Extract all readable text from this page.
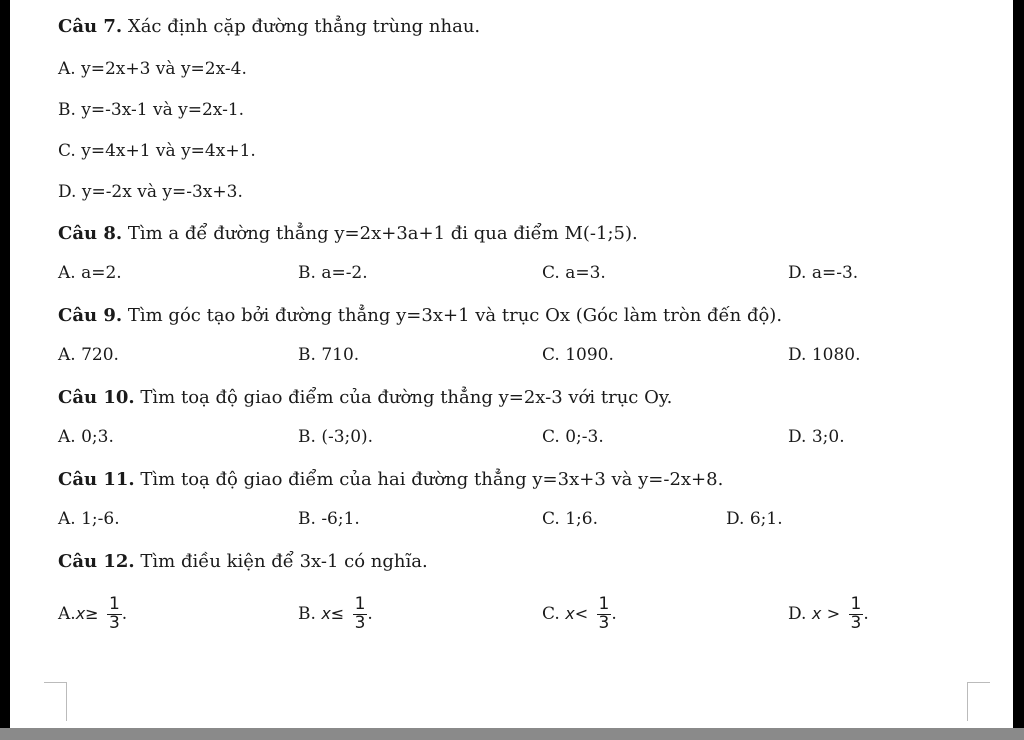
Câu 7. Xác định cặp đường thẳng trùng nhau.
A. y=2x+3 và y=2x-4.
B. y=-3x-1 và y=2x-1.
C. y=4x+1 và y=4x+1.
D. y=-2x và y=-3x+3.
Câu 8. Tìm a để đường thẳng y=2x+3a+1 đi qua điểm M(-1;5).
A. a=2.	B. a=-2.	C. a=3.	D. a=-3.
Câu 9. Tìm góc tạo bởi đường thẳng y=3x+1 và trục Ox (Góc làm tròn đến độ).
A. 720.	B. 710.	C. 1090.	D. 1080.
Câu 10. Tìm toạ độ giao điểm của đường thẳng y=2x-3 với trục Oy.
A. 0;3.	B. (-3;0).	C. 0;-3.	D. 3;0.
Câu 11. Tìm toạ độ giao điểm của hai đường thẳng y=3x+3 và y=-2x+8.
A. 1;-6.	B. -6;1.	C. 1;6.	D. 6;1.
Câu 12. Tìm điều kiện để 3x-1 có nghĩa.
$A.x\ge \frac{1}{3}$ .	B. $x\le \frac{1}{3}$ .	C. $x< \frac{1}{3}$ .	D. $x > \frac{1}{3}$ .
